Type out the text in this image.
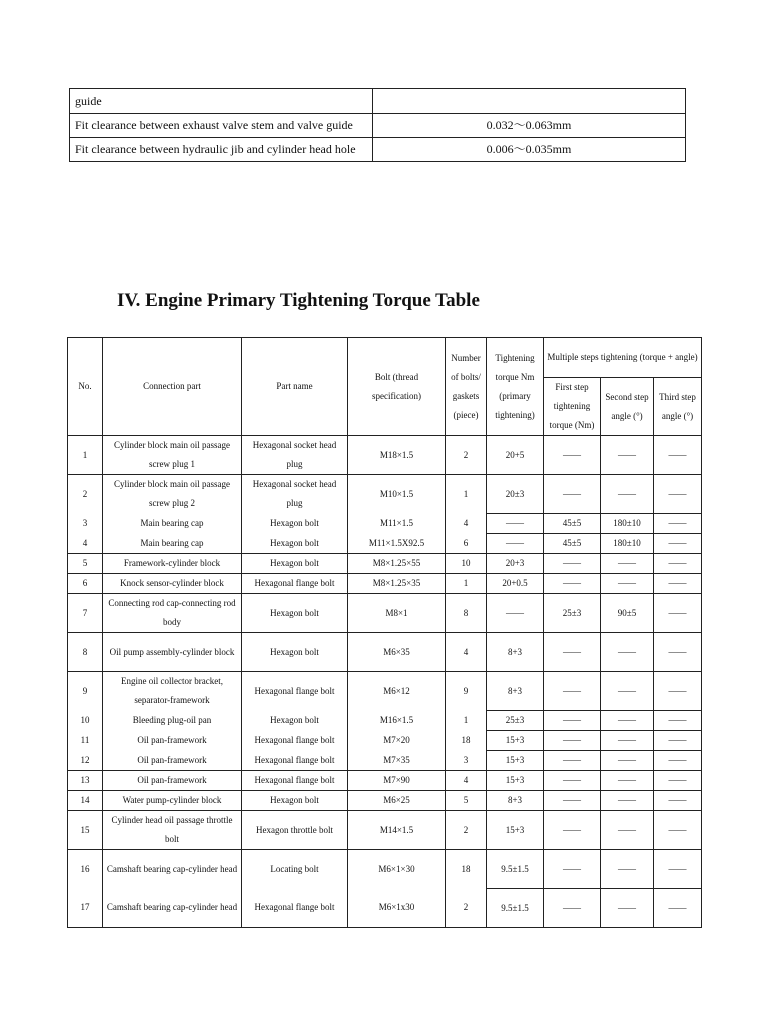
guide	
Fit clearance between exhaust valve stem and valve guide	0.032～0.063mm
Fit clearance between hydraulic jib and cylinder head hole	0.006～0.035mm
IV. Engine Primary Tightening Torque Table
No.	Connection part	Part name	Bolt (thread specification)	Number of bolts/ gaskets (piece)	Tightening torque Nm (primary tightening)	Multiple steps tightening (torque + angle)		
						First step tightening torque (Nm)	Second step angle (°)	Third step angle (°)
1	Cylinder block main oil passage screw plug 1	Hexagonal socket head plug	M18×1.5	2	20+5	——	——	——
2	Cylinder block main oil passage screw plug 2	Hexagonal socket head plug	M10×1.5	1	20±3	——	——	——
3	Main bearing cap	Hexagon bolt	M11×1.5	4	——	45±5	180±10	——
4	Main bearing cap	Hexagon bolt	M11×1.5X92.5	6	——	45±5	180±10	——
5	Framework-cylinder block	Hexagon bolt	M8×1.25×55	10	20+3	——	——	——
6	Knock sensor-cylinder block	Hexagonal flange bolt	M8×1.25×35	1	20+0.5	——	——	——
7	Connecting rod cap-connecting rod body	Hexagon bolt	M8×1	8	——	25±3	90±5	——
8	Oil pump assembly-cylinder block	Hexagon bolt	M6×35	4	8+3	——	——	——
9	Engine oil collector bracket, separator-framework	Hexagonal flange bolt	M6×12	9	8+3	——	——	——
10	Bleeding plug-oil pan	Hexagon bolt	M16×1.5	1	25±3	——	——	——
11	Oil pan-framework	Hexagonal flange bolt	M7×20	18	15+3	——	——	——
12	Oil pan-framework	Hexagonal flange bolt	M7×35	3	15+3	——	——	——
13	Oil pan-framework	Hexagonal flange bolt	M7×90	4	15+3	——	——	——
14	Water pump-cylinder block	Hexagon bolt	M6×25	5	8+3	——	——	——
15	Cylinder head oil passage throttle bolt	Hexagon throttle bolt	M14×1.5	2	15+3	——	——	——
16	Camshaft bearing cap-cylinder head	Locating bolt	M6×1×30	18	9.5±1.5	——	——	——
17	Camshaft bearing cap-cylinder head	Hexagonal flange bolt	M6×1x30	2	9.5±1.5	——	——	——
